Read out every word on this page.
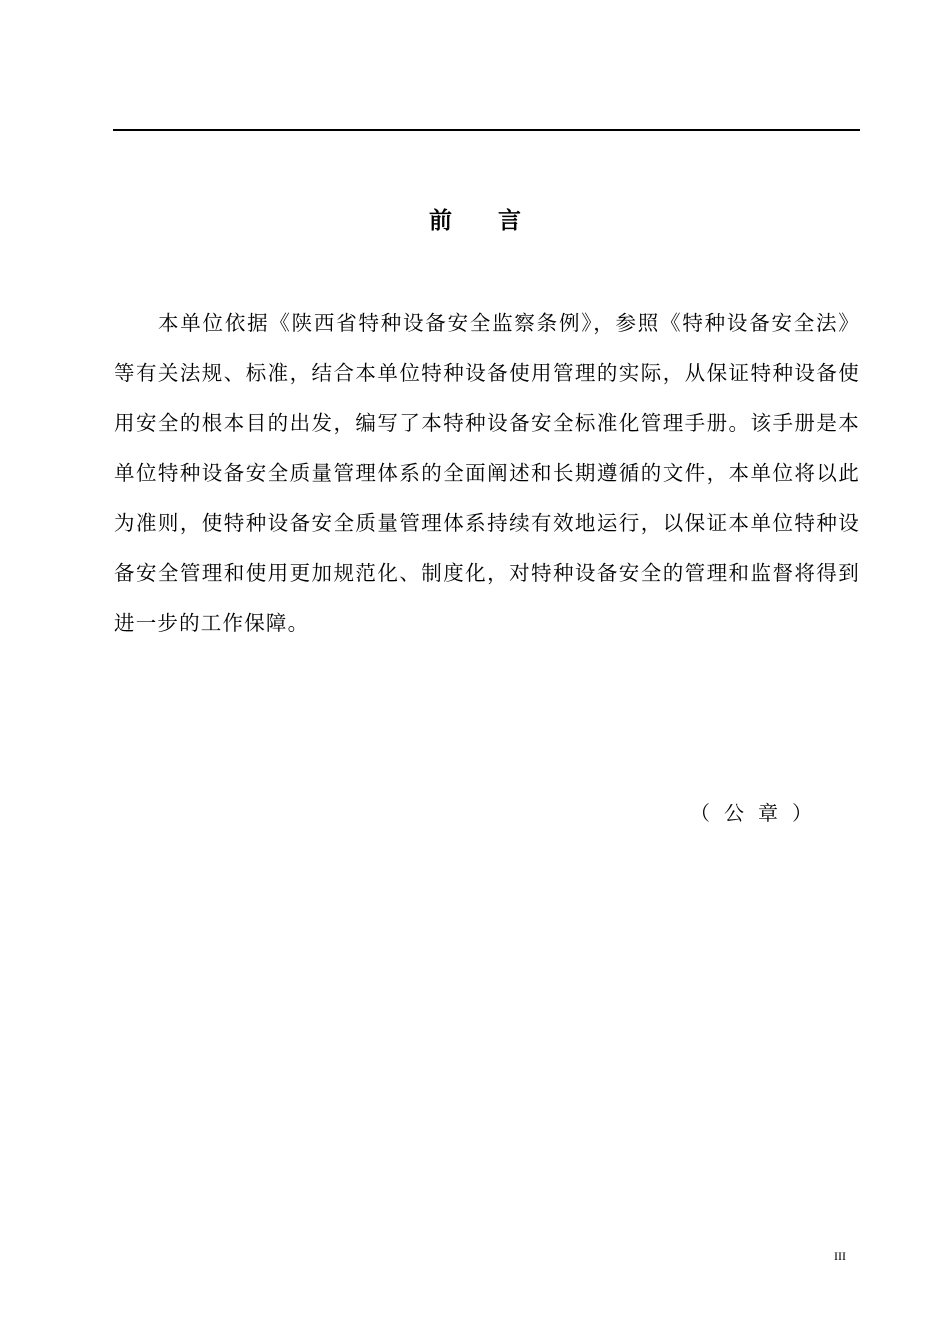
前言

本单位依据《陕西省特种设备安全监察条例》，参照《特种设备安全法》等有关法规、标准，结合本单位特种设备使用管理的实际，从保证特种设备使用安全的根本目的出发，编写了本特种设备安全标准化管理手册。该手册是本单位特种设备安全质量管理体系的全面阐述和长期遵循的文件，本单位将以此为准则，使特种设备安全质量管理体系持续有效地运行，以保证本单位特种设备安全管理和使用更加规范化、制度化，对特种设备安全的管理和监督将得到进一步的工作保障。

（公章）
III
